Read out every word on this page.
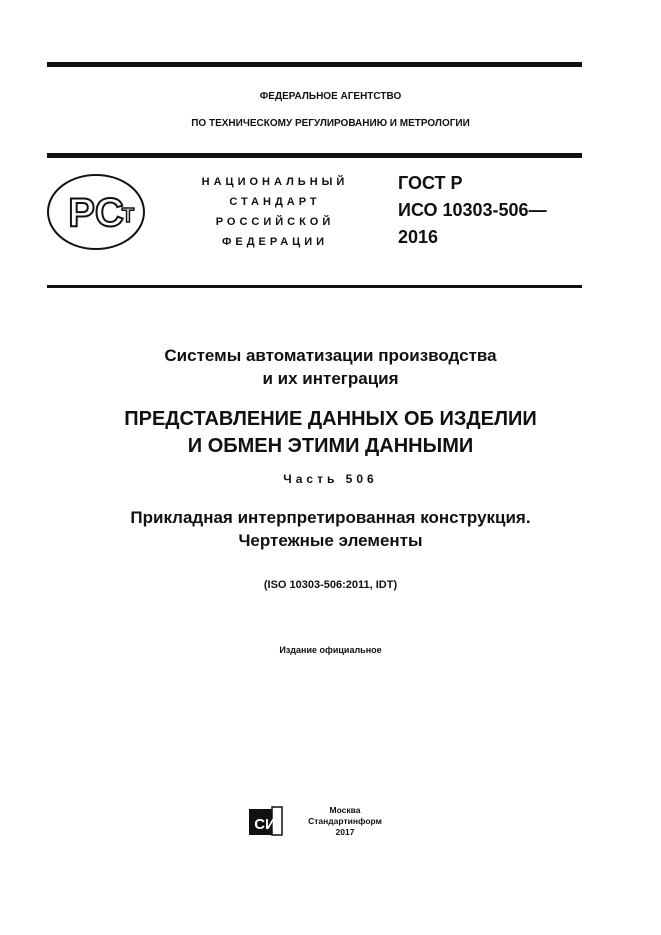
ФЕДЕРАЛЬНОЕ АГЕНТСТВО
ПО ТЕХНИЧЕСКОМУ РЕГУЛИРОВАНИЮ И МЕТРОЛОГИИ
PC
T
НАЦИОНАЛЬНЫЙ
СТАНДАРТ
РОССИЙСКОЙ
ФЕДЕРАЦИИ
ГОСТ Р
ИСО 10303-506—
2016
Системы автоматизации производства
и их интеграция
ПРЕДСТАВЛЕНИЕ ДАННЫХ ОБ ИЗДЕЛИИ
И ОБМЕН ЭТИМИ ДАННЫМИ
Часть 506
Прикладная интерпретированная конструкция.
Чертежные элементы
(ISO 10303-506:2011, IDT)
Издание официальное
СИ
Москва
Стандартинформ
2017
